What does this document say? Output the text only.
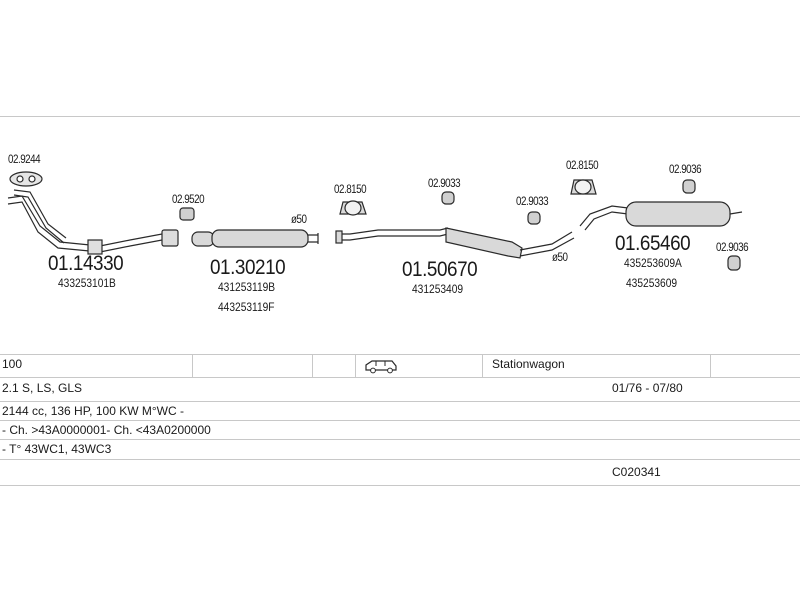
02.9244
01.14330
433253101B
02.9520
ø50
01.30210
431253119B
443253119F
02.8150	02.9033
02.9033
ø50
01.50670
431253409
02.8150	02.9036
02.9036
01.65460
435253609A
435253609
100	Stationwagon
2.1 S, LS, GLS	01/76 - 07/80
2144 cc, 136 HP, 100 KW M°WC -
- Ch. >43A0000001- Ch. <43A0200000
- T° 43WC1, 43WC3
C020341
